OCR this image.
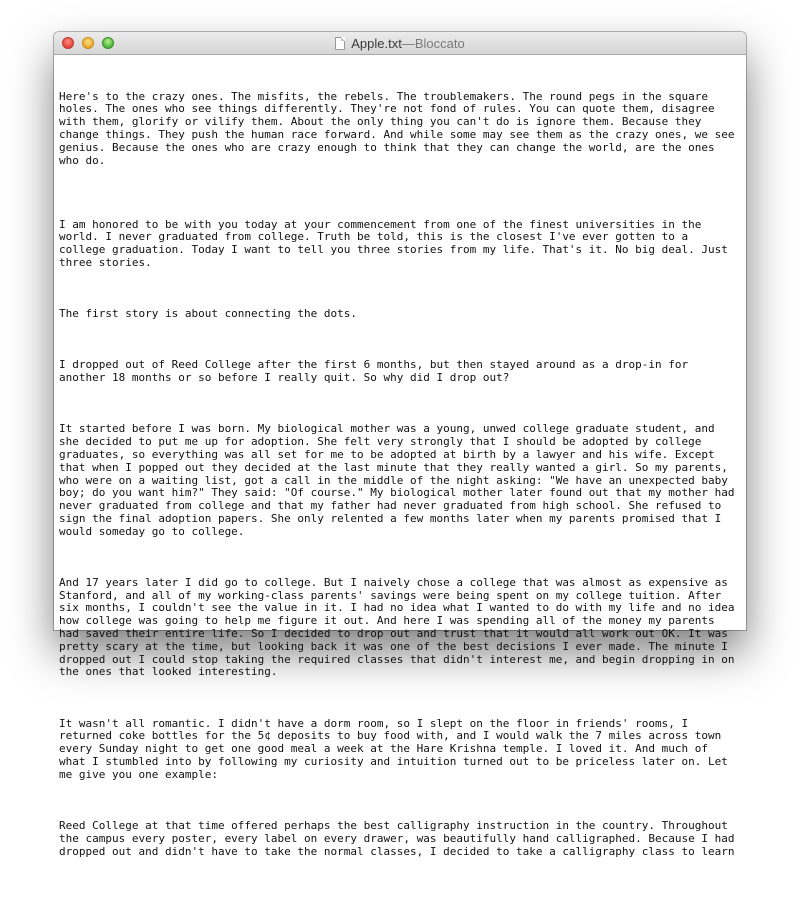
Apple.txt — Bloccato

Here's to the crazy ones. The misfits, the rebels. The troublemakers. The round pegs in the square holes. The ones who see things differently. They're not fond of rules. You can quote them, disagree with them, glorify or vilify them. About the only thing you can't do is ignore them. Because they change things. They push the human race forward. And while some may see them as the crazy ones, we see genius. Because the ones who are crazy enough to think that they can change the world, are the ones who do.

I am honored to be with you today at your commencement from one of the finest universities in the world. I never graduated from college. Truth be told, this is the closest I've ever gotten to a college graduation. Today I want to tell you three stories from my life. That's it. No big deal. Just three stories.

The first story is about connecting the dots.

I dropped out of Reed College after the first 6 months, but then stayed around as a drop-in for another 18 months or so before I really quit. So why did I drop out?

It started before I was born. My biological mother was a young, unwed college graduate student, and she decided to put me up for adoption. She felt very strongly that I should be adopted by college graduates, so everything was all set for me to be adopted at birth by a lawyer and his wife. Except that when I popped out they decided at the last minute that they really wanted a girl. So my parents, who were on a waiting list, got a call in the middle of the night asking: "We have an unexpected baby boy; do you want him?" They said: "Of course." My biological mother later found out that my mother had never graduated from college and that my father had never graduated from high school. She refused to sign the final adoption papers. She only relented a few months later when my parents promised that I would someday go to college.

And 17 years later I did go to college. But I naively chose a college that was almost as expensive as Stanford, and all of my working-class parents' savings were being spent on my college tuition. After six months, I couldn't see the value in it. I had no idea what I wanted to do with my life and no idea how college was going to help me figure it out. And here I was spending all of the money my parents had saved their entire life. So I decided to drop out and trust that it would all work out OK. It was pretty scary at the time, but looking back it was one of the best decisions I ever made. The minute I dropped out I could stop taking the required classes that didn't interest me, and begin dropping in on the ones that looked interesting.

It wasn't all romantic. I didn't have a dorm room, so I slept on the floor in friends' rooms, I returned coke bottles for the 5¢ deposits to buy food with, and I would walk the 7 miles across town every Sunday night to get one good meal a week at the Hare Krishna temple. I loved it. And much of what I stumbled into by following my curiosity and intuition turned out to be priceless later on. Let me give you one example:

Reed College at that time offered perhaps the best calligraphy instruction in the country. Throughout the campus every poster, every label on every drawer, was beautifully hand calligraphed. Because I had dropped out and didn't have to take the normal classes, I decided to take a calligraphy class to learn
